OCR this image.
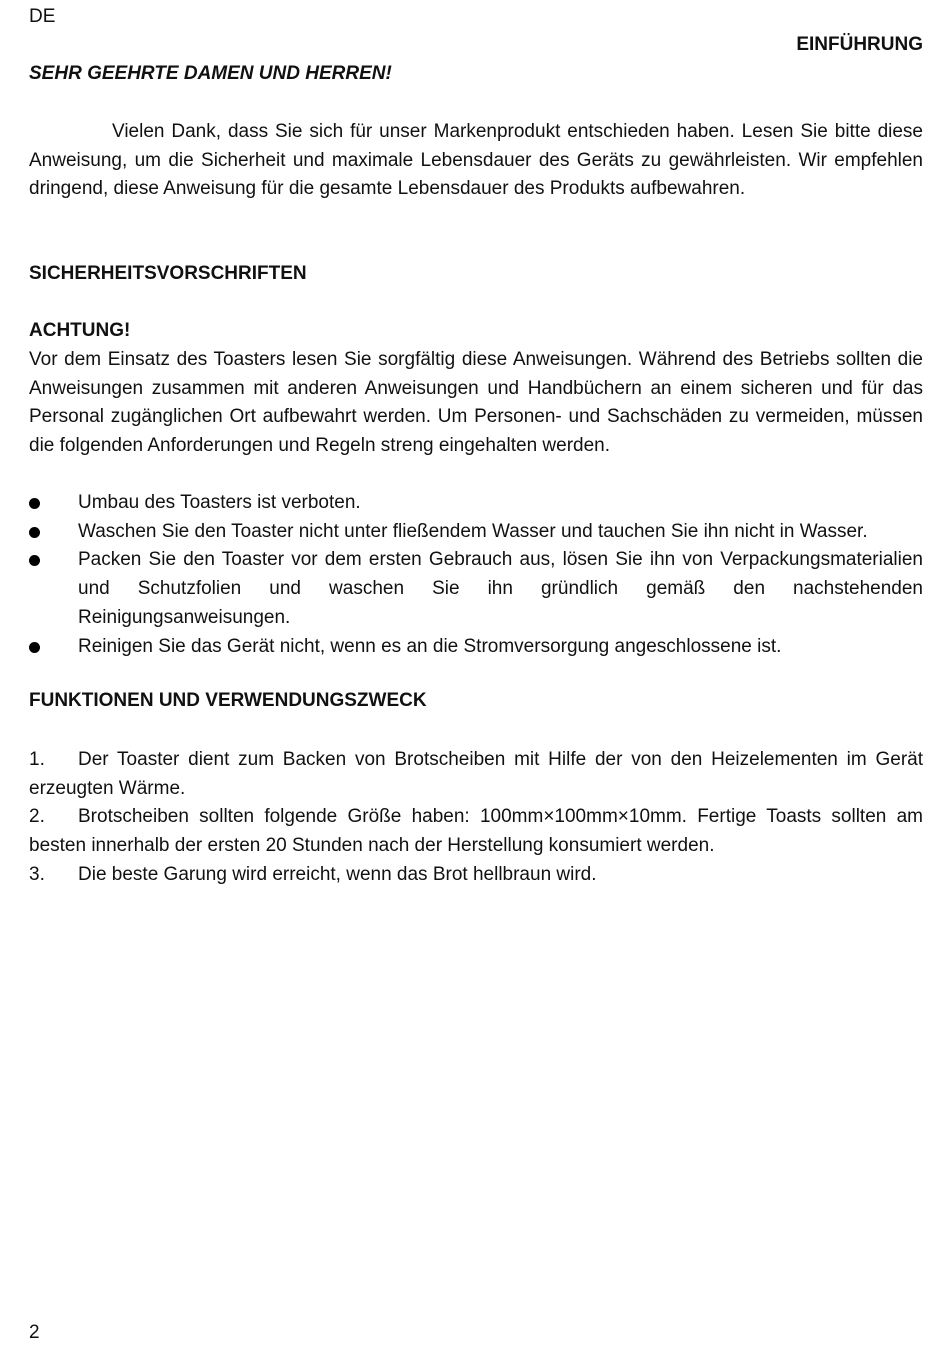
DE
EINFÜHRUNG
SEHR GEEHRTE DAMEN UND HERREN!
Vielen Dank, dass Sie sich für unser Markenprodukt entschieden haben. Lesen Sie bitte diese Anweisung, um die Sicherheit und maximale Lebensdauer des Geräts zu gewährleisten. Wir empfehlen dringend, diese Anweisung für die gesamte Lebensdauer des Produkts aufbewahren.
SICHERHEITSVORSCHRIFTEN
ACHTUNG!
Vor dem Einsatz des Toasters lesen Sie sorgfältig diese Anweisungen. Während des Betriebs sollten die Anweisungen zusammen mit anderen Anweisungen und Handbüchern an einem sicheren und für das Personal zugänglichen Ort aufbewahrt werden. Um Personen- und Sachschäden zu vermeiden, müssen die folgenden Anforderungen und Regeln streng eingehalten werden.
Umbau des Toasters ist verboten.
Waschen Sie den Toaster nicht unter fließendem Wasser und tauchen Sie ihn nicht in Wasser.
Packen Sie den Toaster vor dem ersten Gebrauch aus, lösen Sie ihn von Verpackungsmaterialien und Schutzfolien und waschen Sie ihn gründlich gemäß den nachstehenden Reinigungsanweisungen.
Reinigen Sie das Gerät nicht, wenn es an die Stromversorgung angeschlossene ist.
FUNKTIONEN UND VERWENDUNGSZWECK
1. Der Toaster dient zum Backen von Brotscheiben mit Hilfe der von den Heizelementen im Gerät erzeugten Wärme.
2. Brotscheiben sollten folgende Größe haben: 100mm×100mm×10mm. Fertige Toasts sollten am besten innerhalb der ersten 20 Stunden nach der Herstellung konsumiert werden.
3. Die beste Garung wird erreicht, wenn das Brot hellbraun wird.
2
